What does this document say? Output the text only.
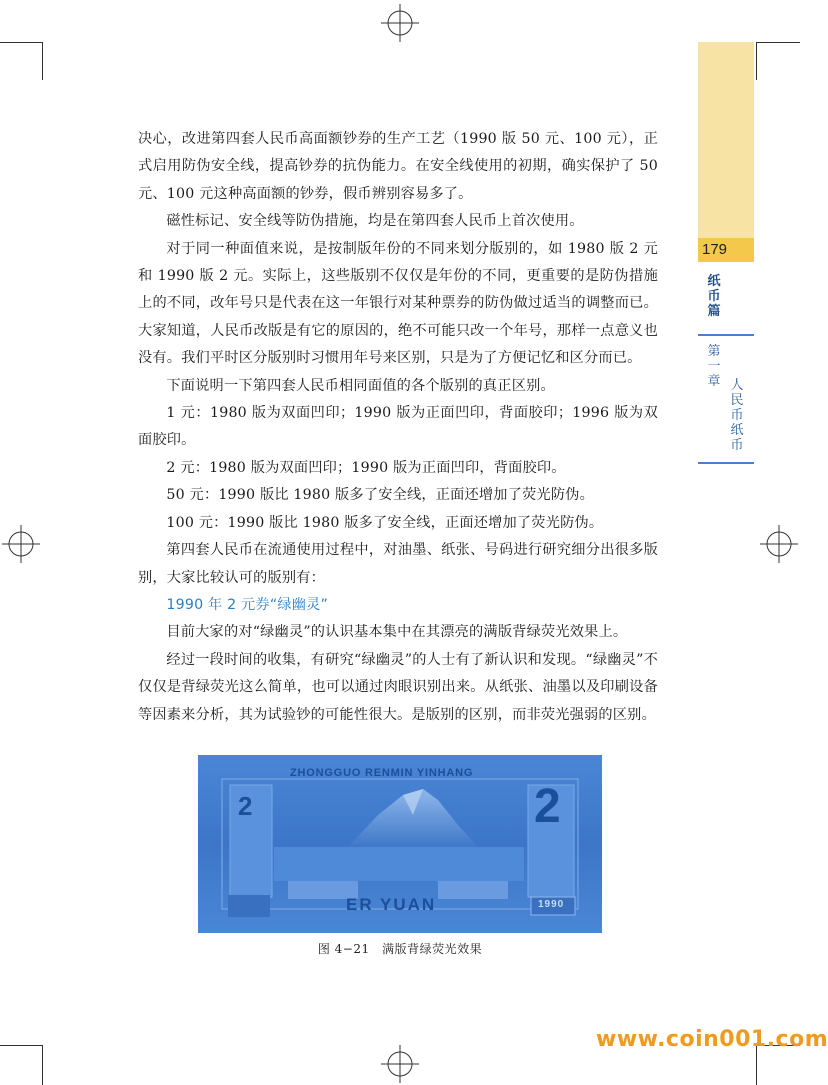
179
纸币篇
第一章 人民币纸币

决心，改进第四套人民币高面额钞券的生产工艺（1990 版 50 元、100 元），正式启用防伪安全线，提高钞券的抗伪能力。在安全线使用的初期，确实保护了 50 元、100 元这种高面额的钞券，假币辨别容易多了。

磁性标记、安全线等防伪措施，均是在第四套人民币上首次使用。

对于同一种面值来说，是按制版年份的不同来划分版别的，如 1980 版 2 元和 1990 版 2 元。实际上，这些版别不仅仅是年份的不同，更重要的是防伪措施上的不同，改年号只是代表在这一年银行对某种票券的防伪做过适当的调整而已。大家知道，人民币改版是有它的原因的，绝不可能只改一个年号，那样一点意义也没有。我们平时区分版别时习惯用年号来区别，只是为了方便记忆和区分而已。

下面说明一下第四套人民币相同面值的各个版别的真正区别。

1 元：1980 版为双面凹印；1990 版为正面凹印，背面胶印；1996 版为双面胶印。

2 元：1980 版为双面凹印；1990 版为正面凹印，背面胶印。

50 元：1990 版比 1980 版多了安全线，正面还增加了荧光防伪。

100 元：1990 版比 1980 版多了安全线，正面还增加了荧光防伪。

第四套人民币在流通使用过程中，对油墨、纸张、号码进行研究细分出很多版别，大家比较认可的版别有：

1990 年 2 元券“绿幽灵”

目前大家的对“绿幽灵”的认识基本集中在其漂亮的满版背绿荧光效果上。

经过一段时间的收集，有研究“绿幽灵”的人士有了新认识和发现。“绿幽灵”不仅仅是背绿荧光这么简单，也可以通过肉眼识别出来。从纸张、油墨以及印刷设备等因素来分析，其为试验钞的可能性很大。是版别的区别，而非荧光强弱的区别。

ZHONGGUO RENMIN YINHANG
2	2
ER YUAN	1990
图 4−21　满版背绿荧光效果
www.coin001.com
